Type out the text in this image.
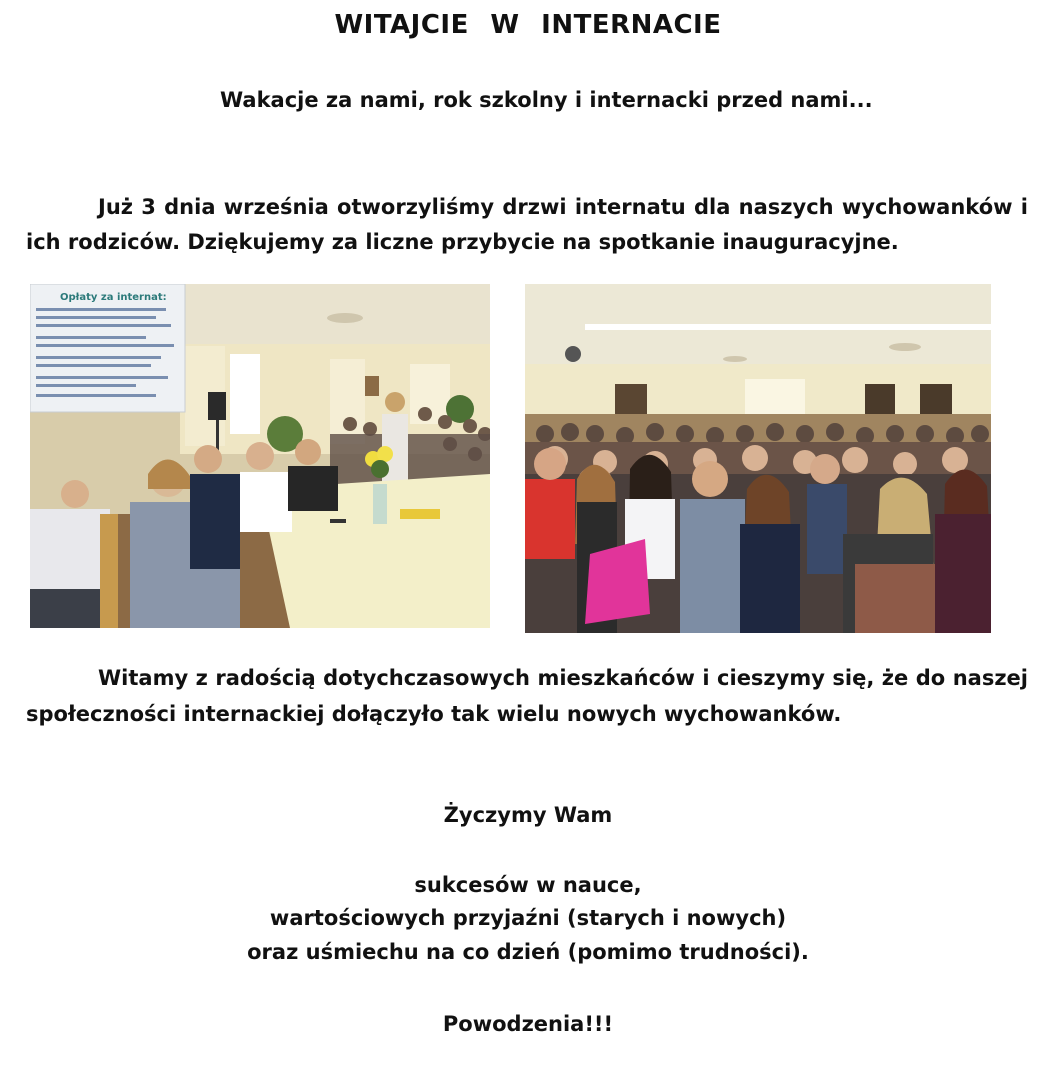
WITAJCIE W INTERNACIE
Wakacje za nami, rok szkolny i internacki przed nami...
Już 3 dnia września otworzyliśmy drzwi internatu dla naszych wychowanków i ich rodziców. Dziękujemy za liczne przybycie na spotkanie inauguracyjne.
Opłaty za internat:
Witamy z radością dotychczasowych mieszkańców i cieszymy się, że do naszej społeczności internackiej dołączyło tak wielu nowych wychowanków.
Życzymy Wam
sukcesów w nauce,
wartościowych przyjaźni (starych i nowych)
oraz uśmiechu na co dzień (pomimo trudności).
Powodzenia!!!
